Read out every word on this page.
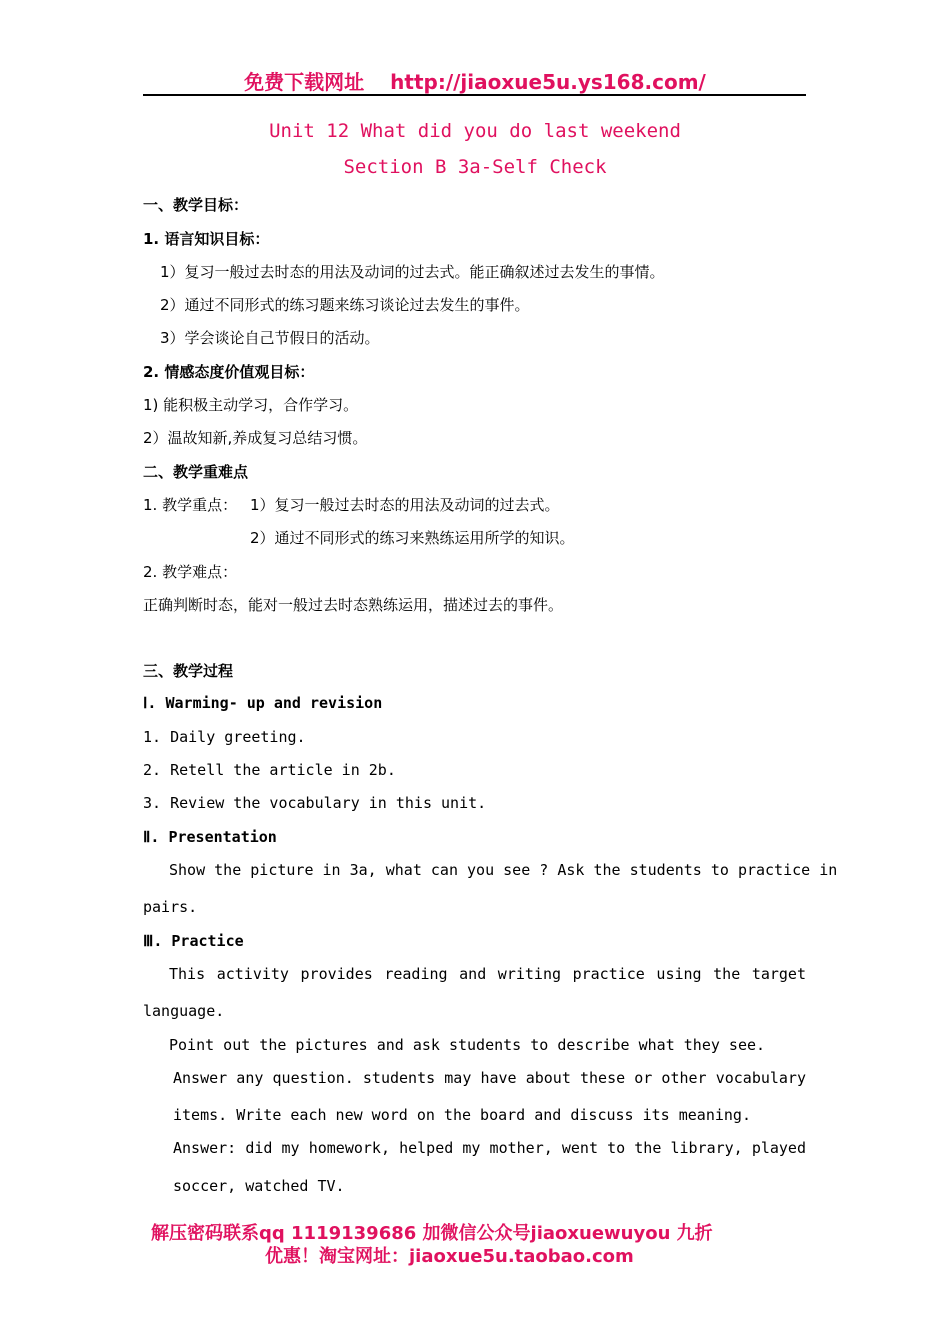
免费下载网址 http://jiaoxue5u.ys168.com/
Unit 12 What did you do last weekend
Section B 3a-Self Check
一、教学目标：
1. 语言知识目标：
1）复习一般过去时态的用法及动词的过去式。能正确叙述过去发生的事情。
2）通过不同形式的练习题来练习谈论过去发生的事件。
3）学会谈论自己节假日的活动。
2. 情感态度价值观目标：
1) 能积极主动学习，合作学习。
2）温故知新,养成复习总结习惯。
二、教学重难点
1. 教学重点： 1）复习一般过去时态的用法及动词的过去式。
2）通过不同形式的练习来熟练运用所学的知识。
2. 教学难点：
正确判断时态，能对一般过去时态熟练运用，描述过去的事件。
三、教学过程
Ⅰ. Warming- up and revision
1. Daily greeting.
2. Retell the article in 2b.
3. Review the vocabulary in this unit.
Ⅱ. Presentation
Show the picture in 3a, what can you see ? Ask the students to practice in
pairs.
Ⅲ. Practice
This activity provides reading and writing practice using the target
language.
Point out the pictures and ask students to describe what they see.
Answer any question. students may have about these or other vocabulary
items. Write each new word on the board and discuss its meaning.
Answer: did my homework, helped my mother, went to the library, played
soccer, watched TV.
解压密码联系qq 1119139686 加微信公众号jiaoxuewuyou 九折
优惠！淘宝网址：jiaoxue5u.taobao.com
